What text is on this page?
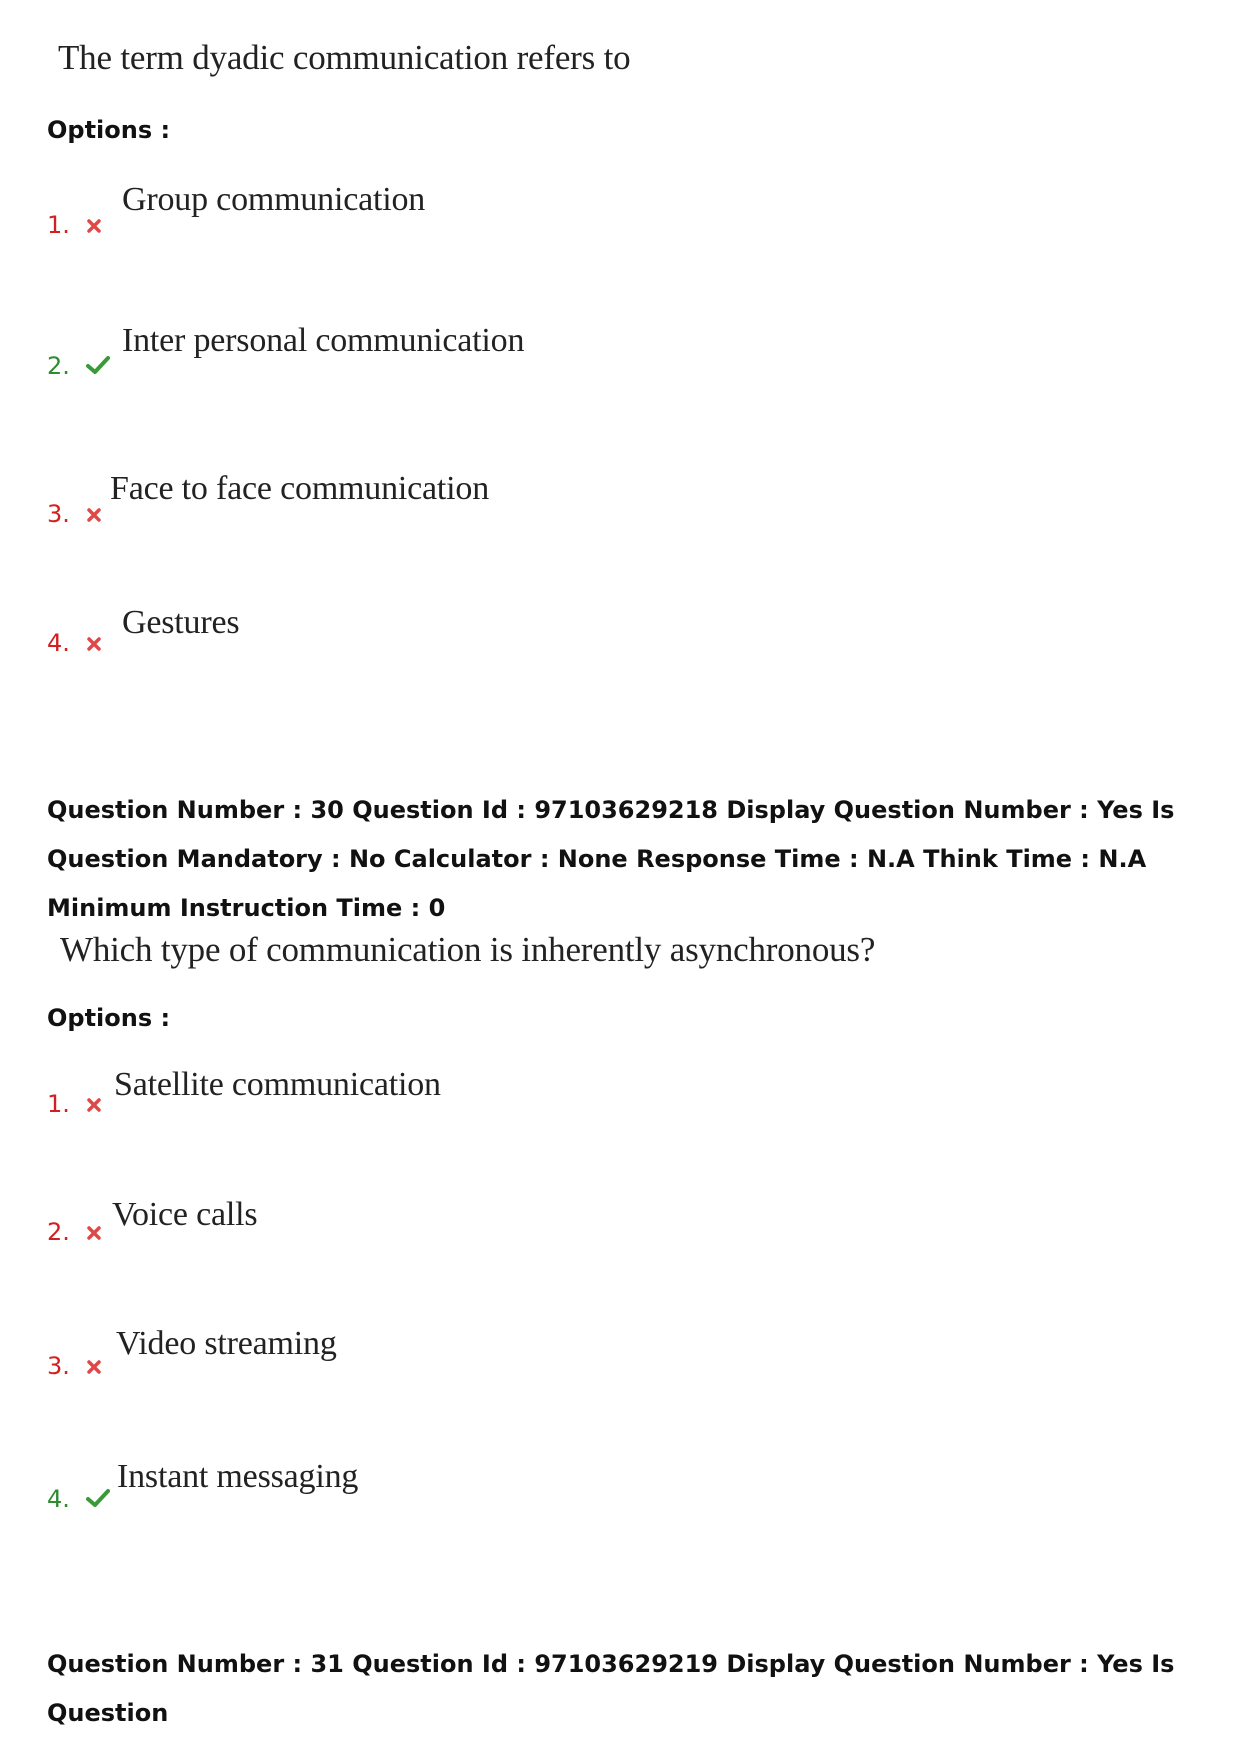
The term dyadic communication refers to
Options :
1.
Group communication
2.
Inter personal communication
3.
Face to face communication
4.
Gestures
Question Number : 30 Question Id : 97103629218 Display Question Number : Yes Is Question Mandatory : No Calculator : None Response Time : N.A Think Time : N.A Minimum Instruction Time : 0
Which type of communication is inherently asynchronous?
Options :
1.
Satellite communication
2.	Voice calls
3.
Video streaming
4.
Instant messaging
Question Number : 31 Question Id : 97103629219 Display Question Number : Yes Is Question
